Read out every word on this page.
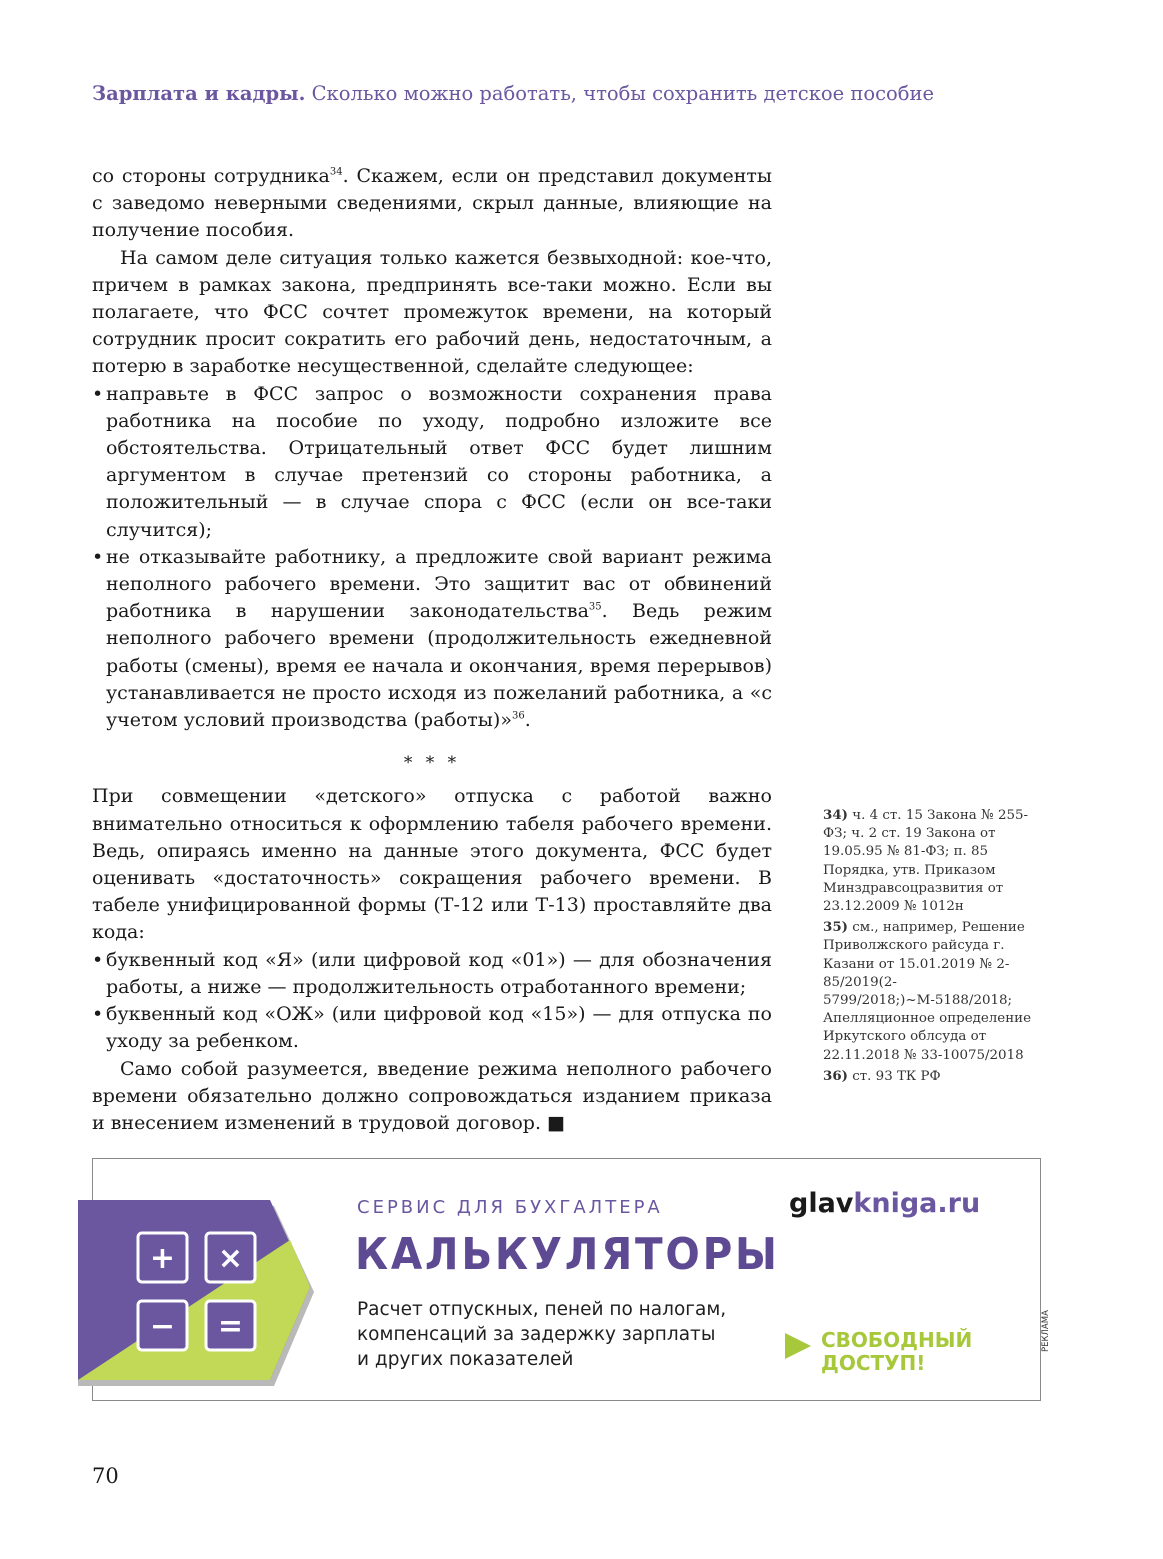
Зарплата и кадры. Сколько можно работать, чтобы сохранить детское пособие

со стороны сотрудника$^{34}$. Скажем, если он представил документы с заведомо неверными сведениями, скрыл данные, влияющие на получение пособия.

На самом деле ситуация только кажется безвыходной: кое-что, причем в рамках закона, предпринять все-таки можно. Если вы полагаете, что ФСС сочтет промежуток времени, на который сотрудник просит сократить его рабочий день, недостаточным, а потерю в заработке несущественной, сделайте следующее:

• направьте в ФСС запрос о возможности сохранения права работника на пособие по уходу, подробно изложите все обстоятельства. Отрицательный ответ ФСС будет лишним аргументом в случае претензий со стороны работника, а положительный — в случае спора с ФСС (если он все-таки случится);
• не отказывайте работнику, а предложите свой вариант режима неполного рабочего времени. Это защитит вас от обвинений работника в нарушении законодательства$^{35}$. Ведь режим неполного рабочего времени (продолжительность ежедневной работы (смены), время ее начала и окончания, время перерывов) устанавливается не просто исходя из пожеланий работника, а «с учетом условий производства (работы)»$^{36}$.
* * *

При совмещении «детского» отпуска с работой важно внимательно относиться к оформлению табеля рабочего времени. Ведь, опираясь именно на данные этого документа, ФСС будет оценивать «достаточность» сокращения рабочего времени. В табеле унифицированной формы (Т-12 или Т-13) проставляйте два кода:

• буквенный код «Я» (или цифровой код «01») — для обозначения работы, а ниже — продолжительность отработанного времени;
• буквенный код «ОЖ» (или цифровой код «15») — для отпуска по уходу за ребенком.

Само собой разумеется, введение режима неполного рабочего времени обязательно должно сопровождаться изданием приказа и внесением изменений в трудовой договор. ■

34) ч. 4 ст. 15 Закона № 255-ФЗ; ч. 2 ст. 19 Закона от 19.05.95 № 81-ФЗ; п. 85 Порядка, утв. Приказом Минздравсоцразвития от 23.12.2009 № 1012н

35) см., например, Решение Приволжского райсуда г. Казани от 15.01.2019 № 2-85/2019(2-5799/2018;)~М-5188/2018; Апелляционное определение Иркутского облсуда от 22.11.2018 № 33-10075/2018

36) ст. 93 ТК РФ

СЕРВИС ДЛЯ БУХГАЛТЕРА
КАЛЬКУЛЯТОРЫ
Расчет отпускных, пеней по налогам,
компенсаций за задержку зарплаты
и других показателей
glavkniga.ru
СВОБОДНЫЙ
ДОСТУП!
+ ×
− =	РЕКЛАМА
70
